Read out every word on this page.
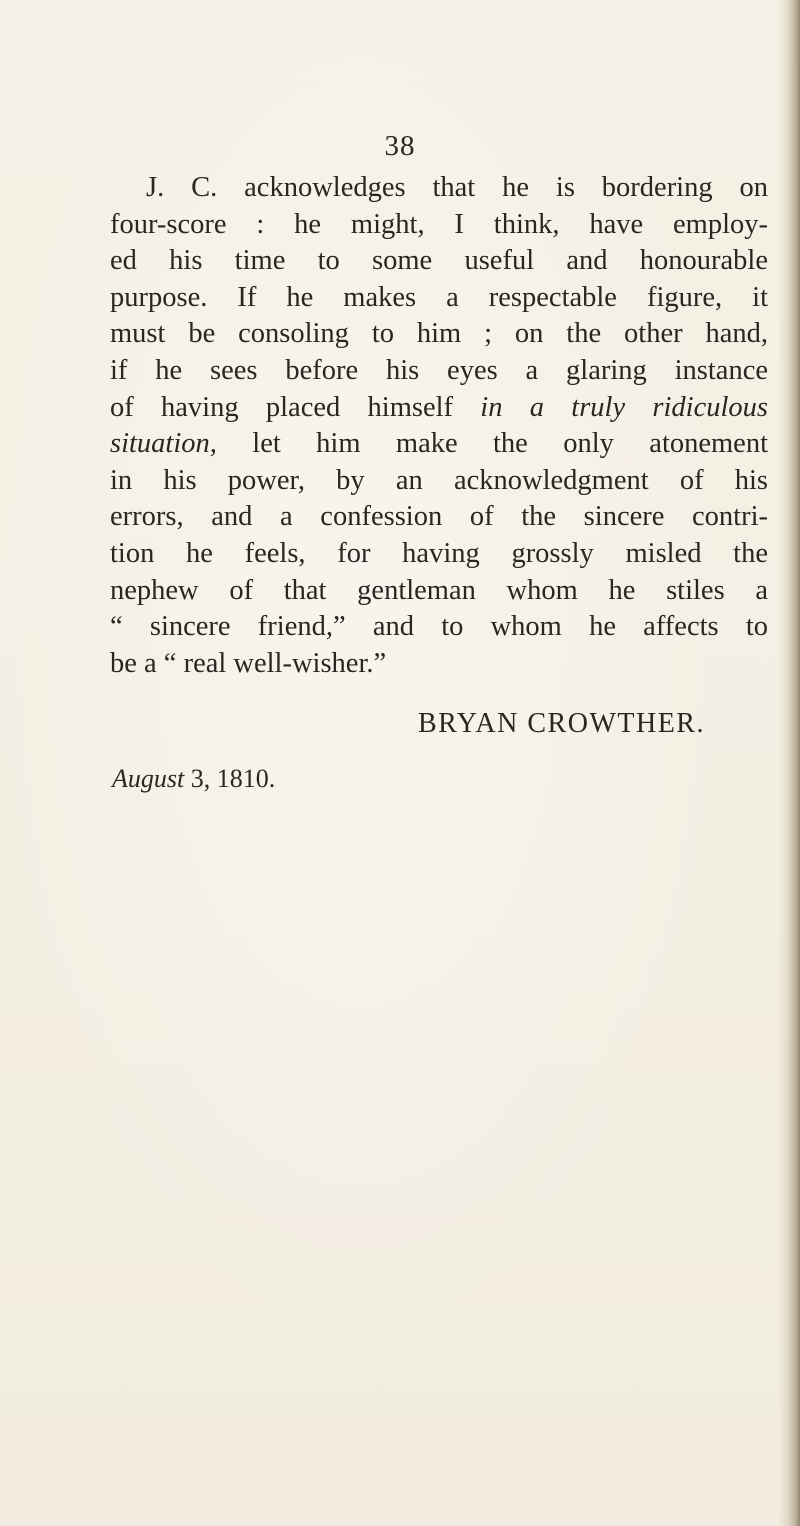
38
J. C. acknowledges that he is bordering on
four-score : he might, I think, have employ-
ed his time to some useful and honourable
purpose. If he makes a respectable figure, it
must be consoling to him ; on the other hand,
if he sees before his eyes a glaring instance
of having placed himself in a truly ridiculous
situation, let him make the only atonement
in his power, by an acknowledgment of his
errors, and a confession of the sincere contri-
tion he feels, for having grossly misled the
nephew of that gentleman whom he stiles a
“ sincere friend,” and to whom he affects to
be a “ real well-wisher.”
BRYAN CROWTHER.
August 3, 1810.
